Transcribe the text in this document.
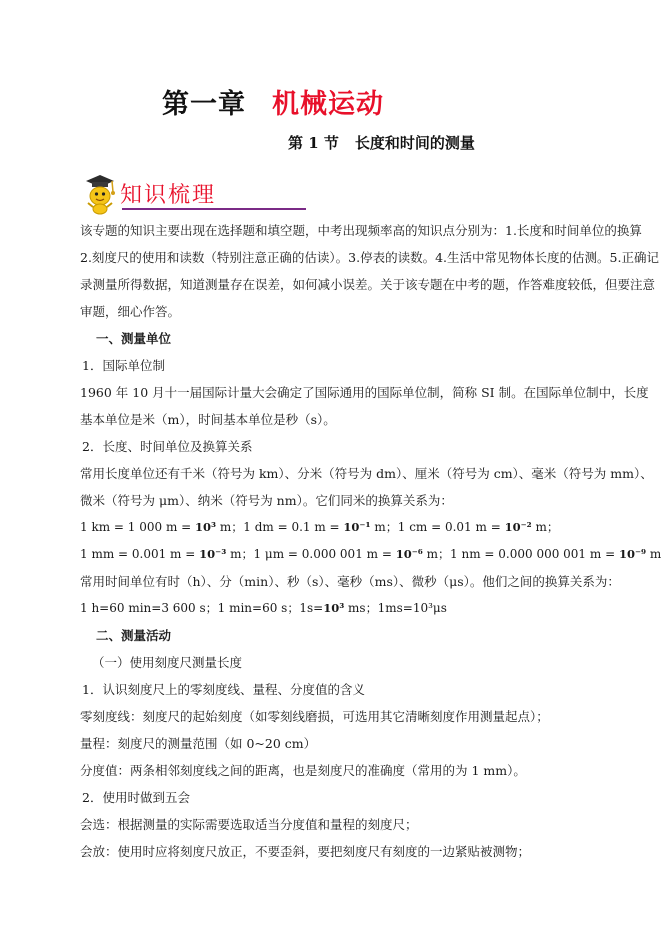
第一章 机械运动
第 1 节 长度和时间的测量
知识梳理
该专题的知识主要出现在选择题和填空题，中考出现频率高的知识点分别为：1.长度和时间单位的换算
2.刻度尺的使用和读数（特别注意正确的估读）。3.停表的读数。4.生活中常见物体长度的估测。5.正确记
录测量所得数据，知道测量存在误差，如何减小误差。关于该专题在中考的题，作答难度较低，但要注意
审题，细心作答。
一、测量单位
1．国际单位制
1960 年 10 月十一届国际计量大会确定了国际通用的国际单位制，简称 SI 制。在国际单位制中，长度
基本单位是米（m），时间基本单位是秒（s）。
2．长度、时间单位及换算关系
常用长度单位还有千米（符号为 km）、分米（符号为 dm）、厘米（符号为 cm）、毫米（符号为 mm）、
微米（符号为 μm）、纳米（符号为 nm）。它们同米的换算关系为：
1 km = 1 000 m = 10³ m；1 dm = 0.1 m = 10⁻¹ m；1 cm = 0.01 m = 10⁻² m；
1 mm = 0.001 m = 10⁻³ m；1 μm = 0.000 001 m = 10⁻⁶ m；1 nm = 0.000 000 001 m = 10⁻⁹ m
常用时间单位有时（h）、分（min）、秒（s）、毫秒（ms）、微秒（μs）。他们之间的换算关系为：
1 h=60 min=3 600 s；1 min=60 s；1s=10³ ms；1ms=10³μs
二、测量活动
（一）使用刻度尺测量长度
1．认识刻度尺上的零刻度线、量程、分度值的含义
零刻度线：刻度尺的起始刻度（如零刻线磨损，可选用其它清晰刻度作用测量起点）；
量程：刻度尺的测量范围（如 0~20 cm）
分度值：两条相邻刻度线之间的距离，也是刻度尺的准确度（常用的为 1 mm）。
2．使用时做到五会
会选：根据测量的实际需要选取适当分度值和量程的刻度尺；
会放：使用时应将刻度尺放正，不要歪斜，要把刻度尺有刻度的一边紧贴被测物；
